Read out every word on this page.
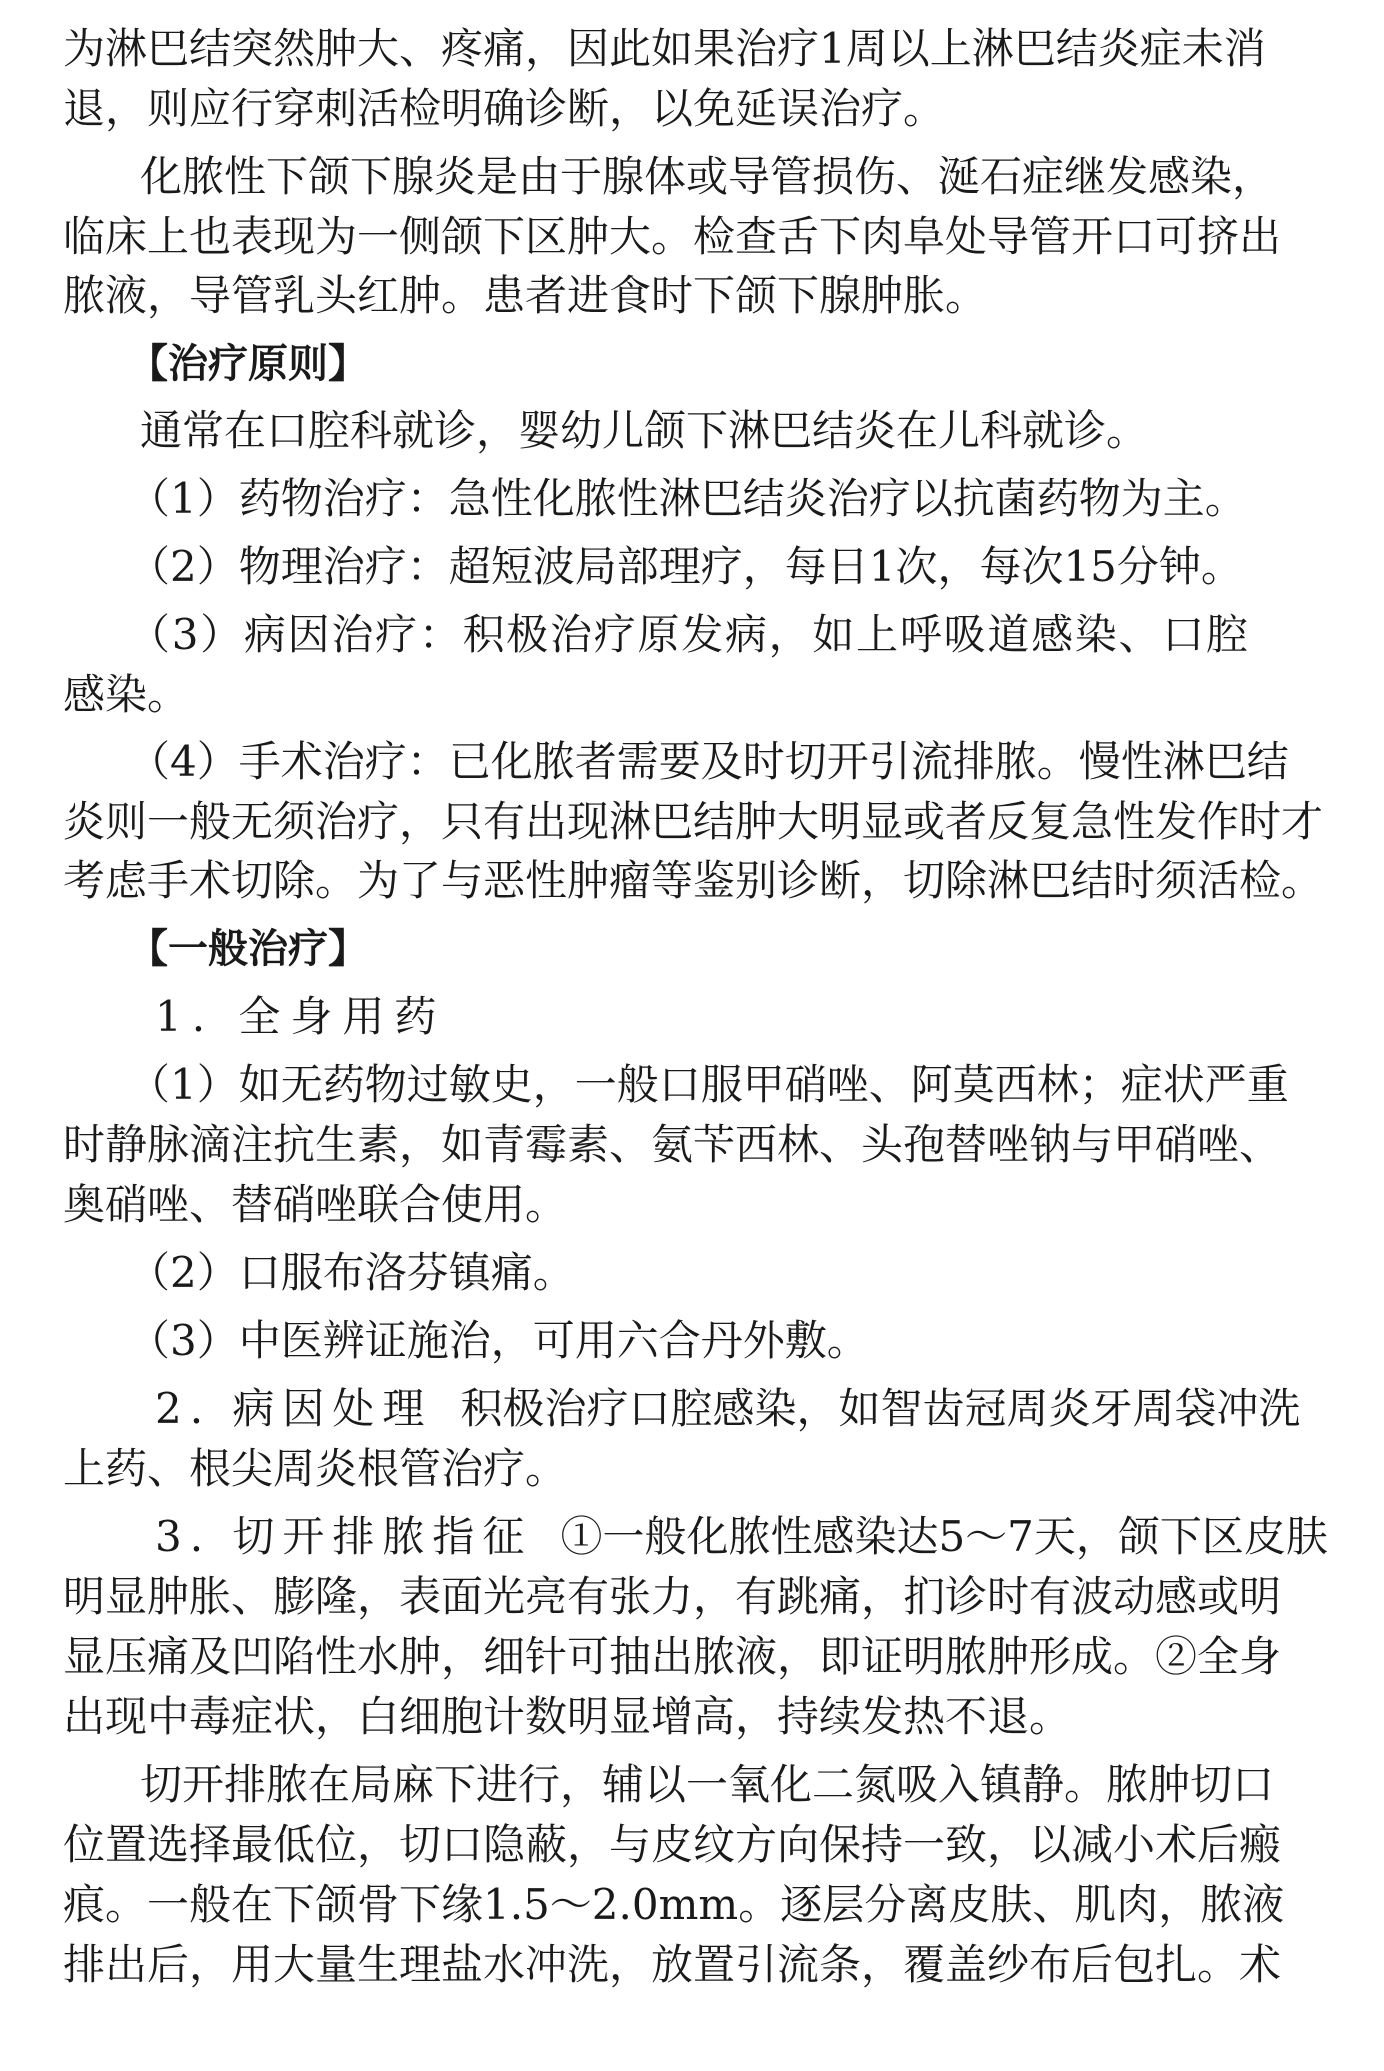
为淋巴结突然肿大、疼痛，因此如果治疗1周以上淋巴结炎症未消
退，则应行穿刺活检明确诊断，以免延误治疗。
化脓性下颌下腺炎是由于腺体或导管损伤、涎石症继发感染，
临床上也表现为一侧颌下区肿大。检查舌下肉阜处导管开口可挤出
脓液，导管乳头红肿。患者进食时下颌下腺肿胀。
【治疗原则】
通常在口腔科就诊，婴幼儿颌下淋巴结炎在儿科就诊。
（1）药物治疗：急性化脓性淋巴结炎治疗以抗菌药物为主。
（2）物理治疗：超短波局部理疗，每日1次，每次15分钟。
（3）病因治疗：积极治疗原发病，如上呼吸道感染、口腔
感染。
（4）手术治疗：已化脓者需要及时切开引流排脓。慢性淋巴结
炎则一般无须治疗，只有出现淋巴结肿大明显或者反复急性发作时才
考虑手术切除。为了与恶性肿瘤等鉴别诊断，切除淋巴结时须活检。
【一般治疗】
1. 全身用药
（1）如无药物过敏史，一般口服甲硝唑、阿莫西林；症状严重
时静脉滴注抗生素，如青霉素、氨苄西林、头孢替唑钠与甲硝唑、
奥硝唑、替硝唑联合使用。
（2）口服布洛芬镇痛。
（3）中医辨证施治，可用六合丹外敷。
2. 病因处理 积极治疗口腔感染，如智齿冠周炎牙周袋冲洗
上药、根尖周炎根管治疗。
3. 切开排脓指征 ①一般化脓性感染达5～7天，颌下区皮肤
明显肿胀、膨隆，表面光亮有张力，有跳痛，扪诊时有波动感或明
显压痛及凹陷性水肿，细针可抽出脓液，即证明脓肿形成。②全身
出现中毒症状，白细胞计数明显增高，持续发热不退。
切开排脓在局麻下进行，辅以一氧化二氮吸入镇静。脓肿切口
位置选择最低位，切口隐蔽，与皮纹方向保持一致，以减小术后瘢
痕。一般在下颌骨下缘1.5～2.0mm。逐层分离皮肤、肌肉，脓液
排出后，用大量生理盐水冲洗，放置引流条，覆盖纱布后包扎。术
